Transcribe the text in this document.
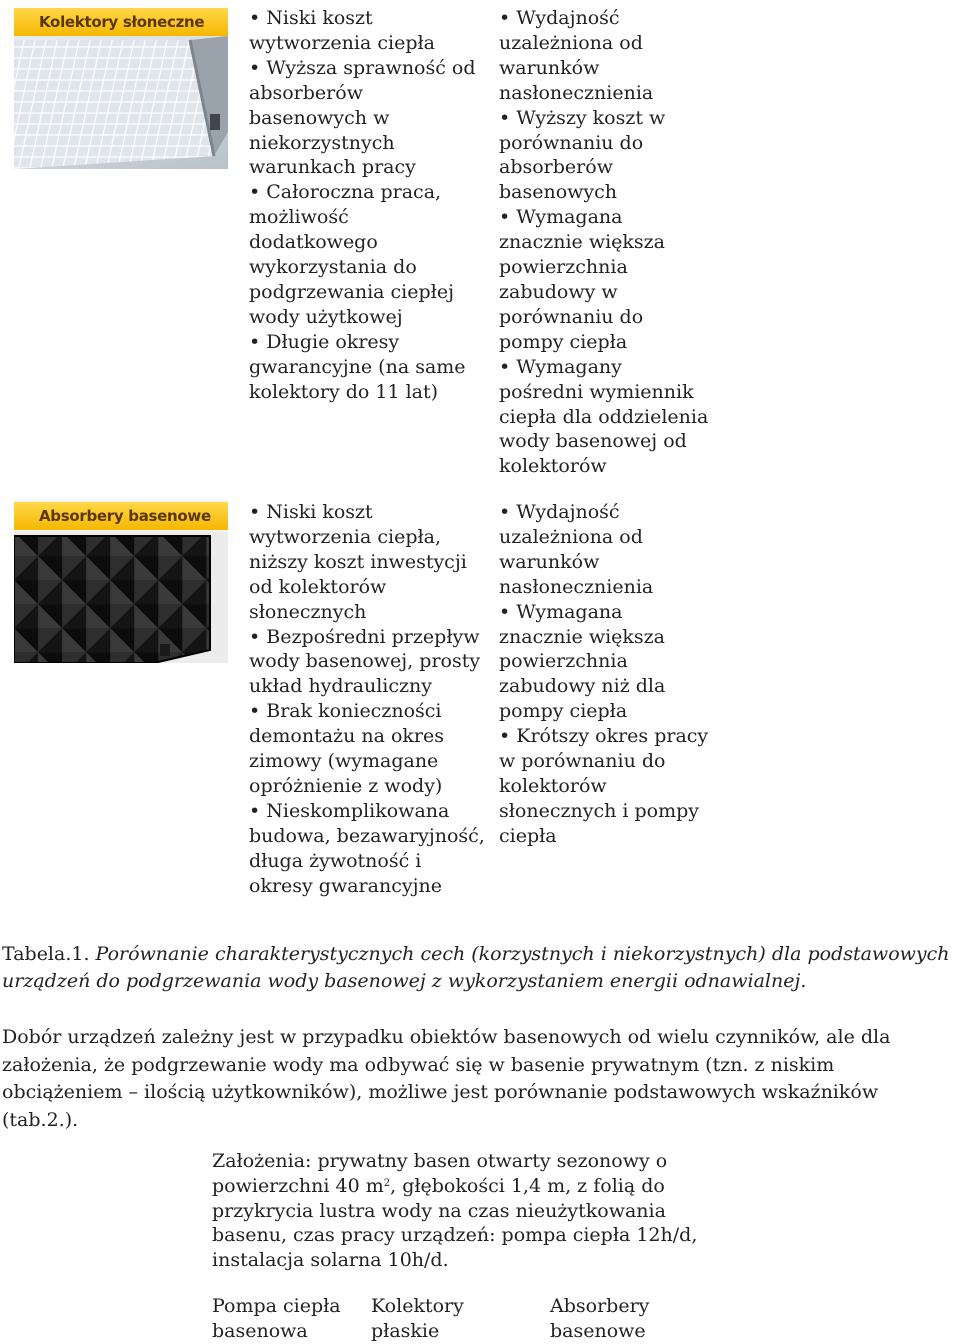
Kolektory słoneczne	• Niski koszt

wytworzenia ciepła

• Wyższa sprawność od

absorberów

basenowych w

niekorzystnych

warunkach pracy

• Całoroczna praca,

możliwość

dodatkowego

wykorzystania do

podgrzewania ciepłej

wody użytkowej

• Długie okresy

gwarancyjne (na same

kolektory do 11 lat)

• Wydajność

uzależniona od

warunków

nasłonecznienia

• Wyższy koszt w

porównaniu do

absorberów

basenowych

• Wymagana

znacznie większa

powierzchnia

zabudowy w

porównaniu do

pompy ciepła

• Wymagany

pośredni wymiennik

ciepła dla oddzielenia

wody basenowej od

kolektorów

Absorbery basenowe	• Niski koszt

wytworzenia ciepła,

niższy koszt inwestycji

od kolektorów

słonecznych

• Bezpośredni przepływ

wody basenowej, prosty

układ hydrauliczny

• Brak konieczności

demontażu na okres

zimowy (wymagane

opróżnienie z wody)

• Nieskomplikowana

budowa, bezawaryjność,

długa żywotność i

okresy gwarancyjne

• Wydajność

uzależniona od

warunków

nasłonecznienia

• Wymagana

znacznie większa

powierzchnia

zabudowy niż dla

pompy ciepła

• Krótszy okres pracy

w porównaniu do

kolektorów

słonecznych i pompy

ciepła

Tabela.1. Porównanie charakterystycznych cech (korzystnych i niekorzystnych) dla podstawowych urządzeń do podgrzewania wody basenowej z wykorzystaniem energii odnawialnej.

Dobór urządzeń zależny jest w przypadku obiektów basenowych od wielu czynników, ale dla założenia, że podgrzewanie wody ma odbywać się w basenie prywatnym (tzn. z niskim obciążeniem – ilością użytkowników), możliwe jest porównanie podstawowych wskaźników (tab.2.).

Założenia: prywatny basen otwarty sezonowy o
powierzchni 40 $m^2$, głębokości 1,4 m, z folią do
przykrycia lustra wody na czas nieużytkowania
basenu, czas pracy urządzeń: pompa ciepła 12h/d,
instalacja solarna 10h/d.
Pompa ciepła
basenowa
Kolektory
płaskie
Absorbery
basenowe
